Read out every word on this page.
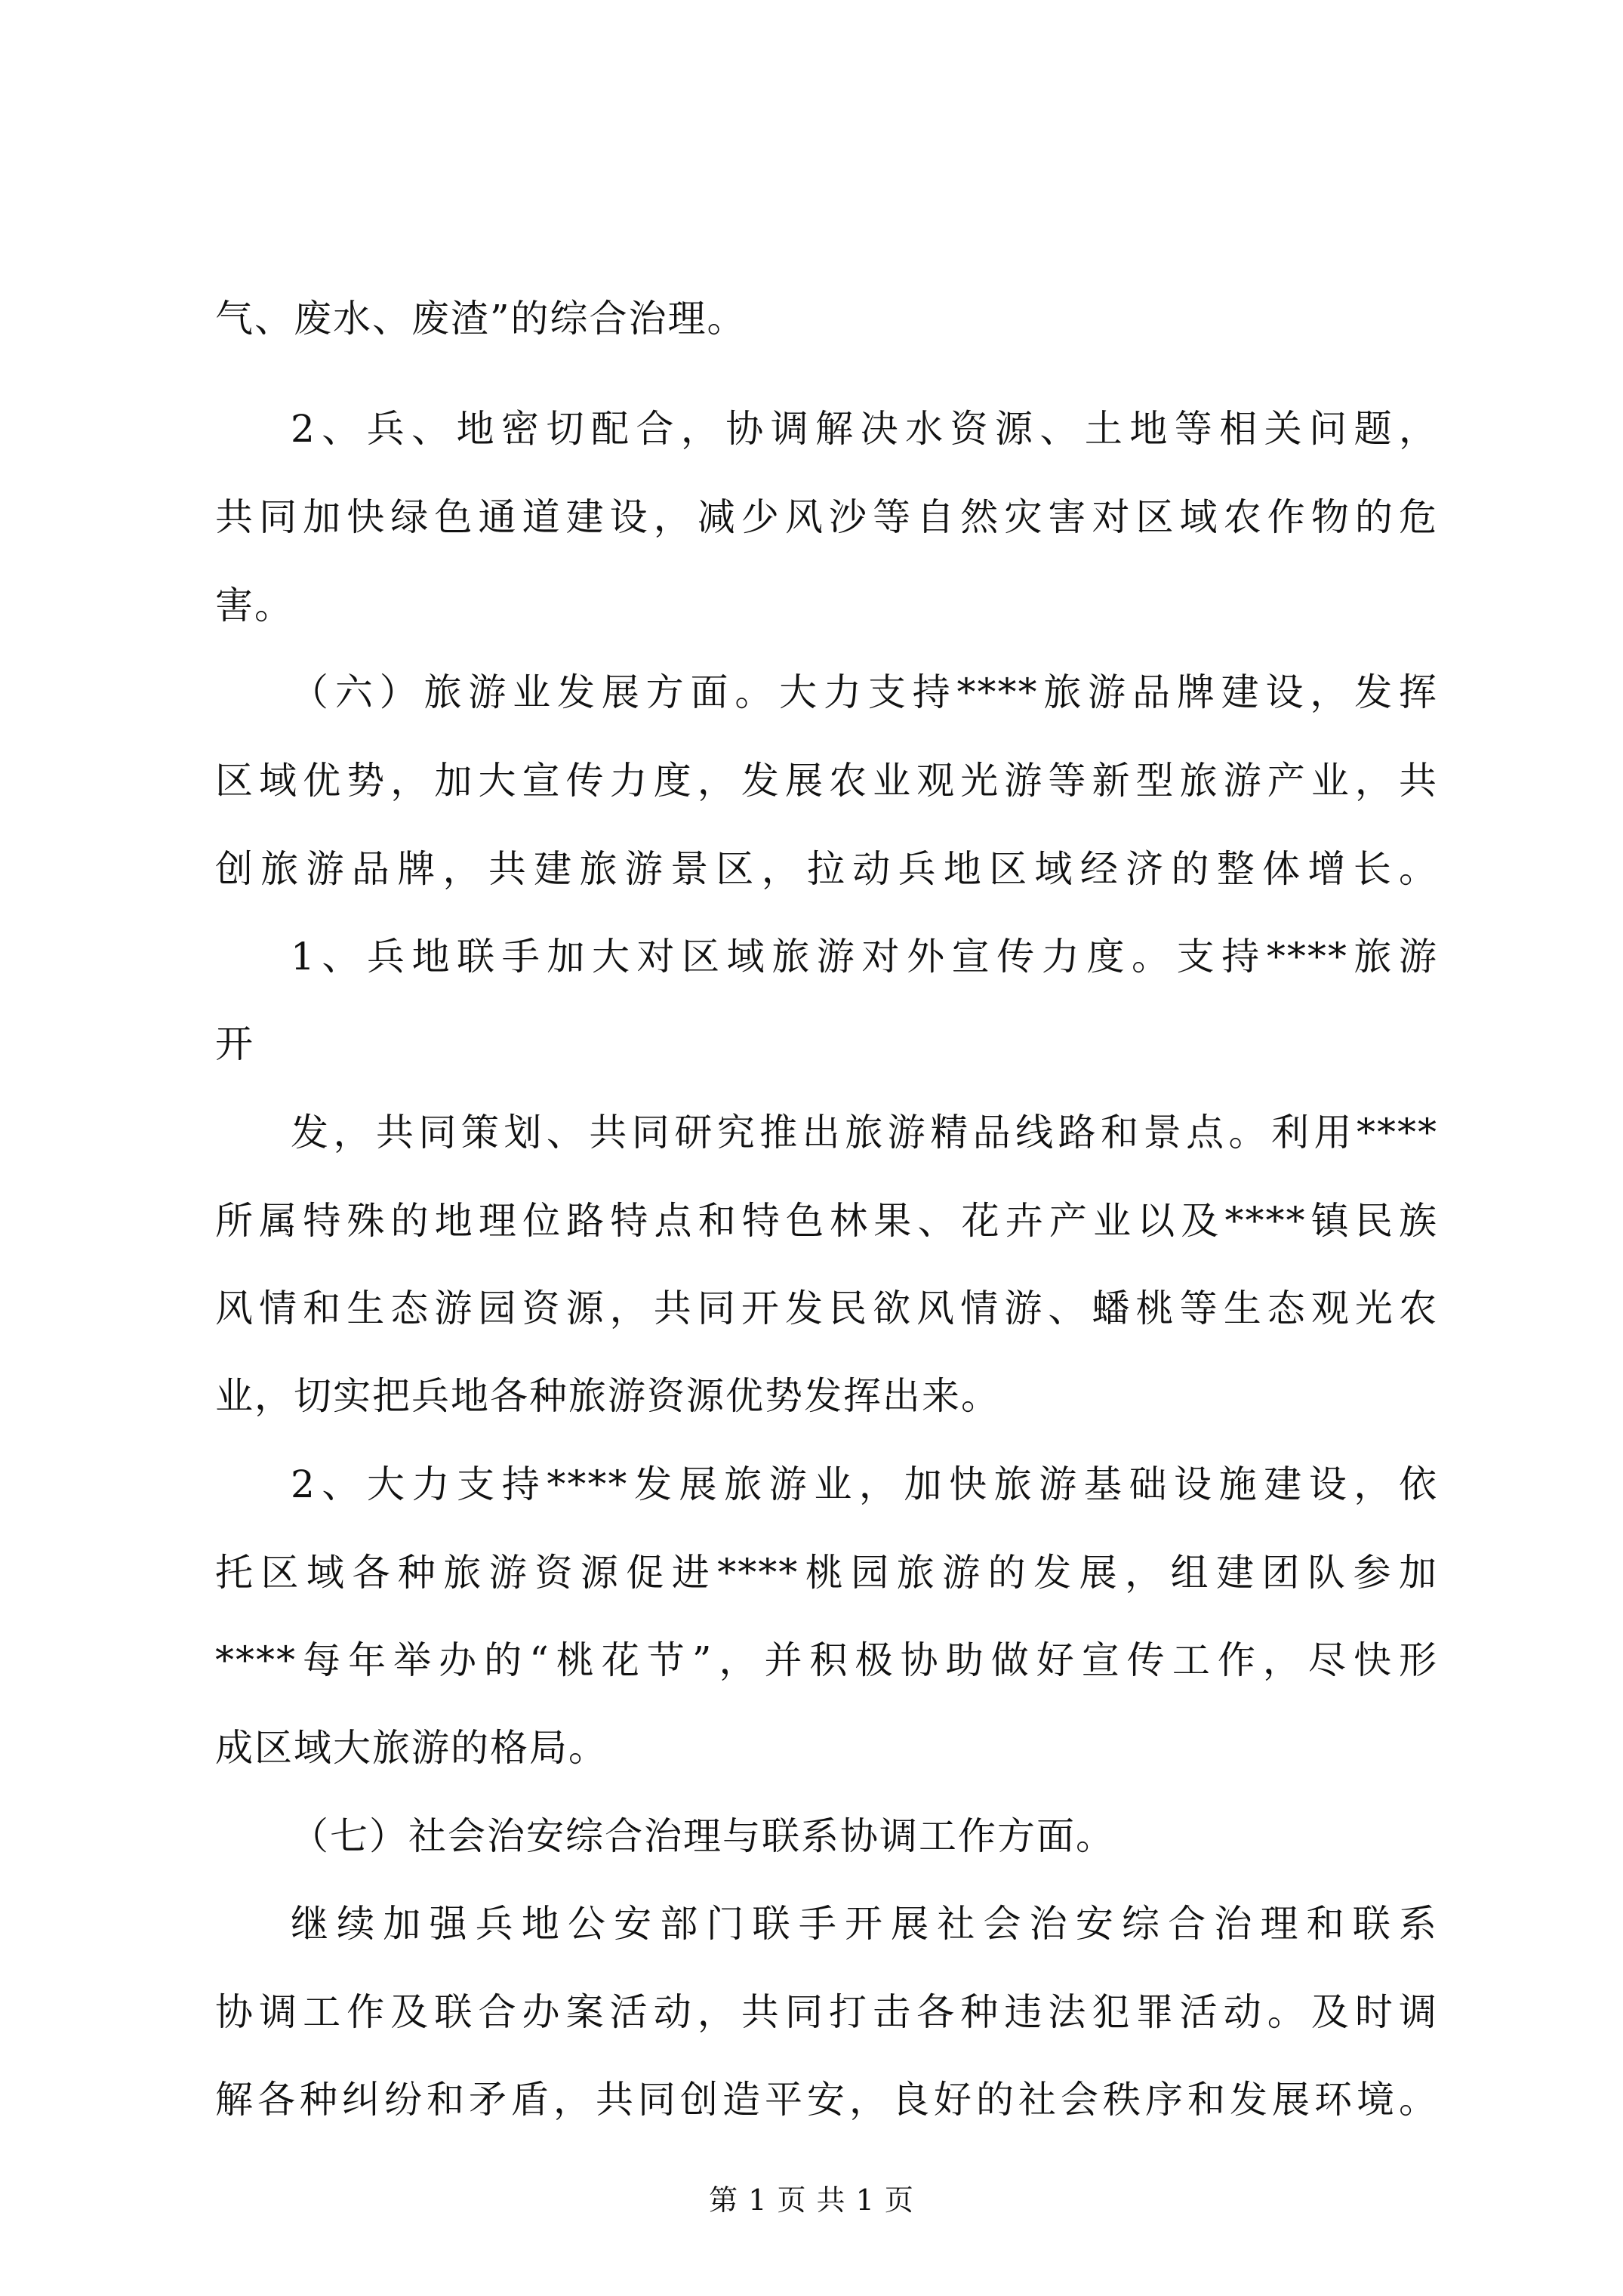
气、废水、废渣”的综合治理。
2、兵、地密切配合，协调解决水资源、土地等相关问题，
共同加快绿色通道建设，减少风沙等自然灾害对区域农作物的危
害。
（六）旅游业发展方面。大力支持****旅游品牌建设，发挥
区域优势，加大宣传力度，发展农业观光游等新型旅游产业，共
创旅游品牌，共建旅游景区，拉动兵地区域经济的整体增长。
1、兵地联手加大对区域旅游对外宣传力度。支持****旅游
开
发，共同策划、共同研究推出旅游精品线路和景点。利用****
所属特殊的地理位路特点和特色林果、花卉产业以及****镇民族
风情和生态游园资源，共同开发民欲风情游、蟠桃等生态观光农
业，切实把兵地各种旅游资源优势发挥出来。
2、大力支持****发展旅游业，加快旅游基础设施建设，依
托区域各种旅游资源促进****桃园旅游的发展，组建团队参加
****每年举办的“桃花节”，并积极协助做好宣传工作，尽快形
成区域大旅游的格局。
（七）社会治安综合治理与联系协调工作方面。
继续加强兵地公安部门联手开展社会治安综合治理和联系
协调工作及联合办案活动，共同打击各种违法犯罪活动。及时调
解各种纠纷和矛盾，共同创造平安，良好的社会秩序和发展环境。
第 1 页 共 1 页
